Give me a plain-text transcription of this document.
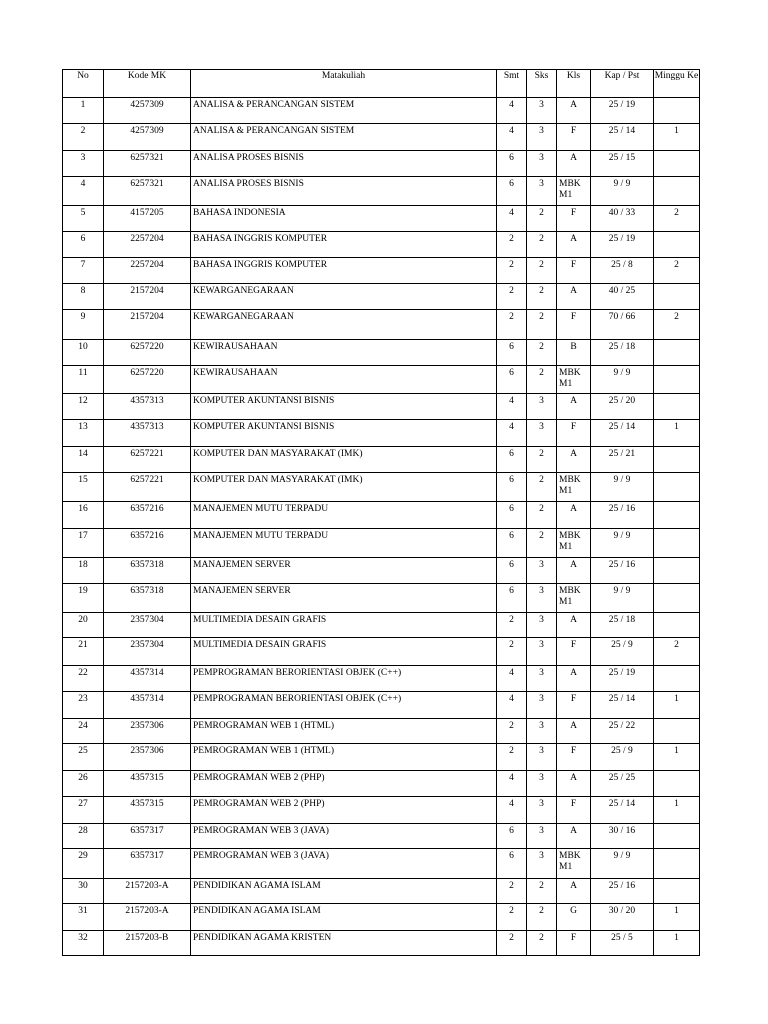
No	Kode MK	Matakuliah	Smt	Sks	Kls	Kap / Pst	Minggu Ke
1	4257309	ANALISA & PERANCANGAN SISTEM	4	3	A	25 / 19	
2	4257309	ANALISA & PERANCANGAN SISTEM	4	3	F	25 / 14	1
3	6257321	ANALISA PROSES BISNIS	6	3	A	25 / 15	
4	6257321	ANALISA PROSES BISNIS	6	3	MBK M1	9 / 9	
5	4157205	BAHASA INDONESIA	4	2	F	40 / 33	2
6	2257204	BAHASA INGGRIS KOMPUTER	2	2	A	25 / 19	
7	2257204	BAHASA INGGRIS KOMPUTER	2	2	F	25 / 8	2
8	2157204	KEWARGANEGARAAN	2	2	A	40 / 25	
9	2157204	KEWARGANEGARAAN	2	2	F	70 / 66	2
10	6257220	KEWIRAUSAHAAN	6	2	B	25 / 18	
11	6257220	KEWIRAUSAHAAN	6	2	MBK M1	9 / 9	
12	4357313	KOMPUTER AKUNTANSI BISNIS	4	3	A	25 / 20	
13	4357313	KOMPUTER AKUNTANSI BISNIS	4	3	F	25 / 14	1
14	6257221	KOMPUTER DAN MASYARAKAT (IMK)	6	2	A	25 / 21	
15	6257221	KOMPUTER DAN MASYARAKAT (IMK)	6	2	MBK M1	9 / 9	
16	6357216	MANAJEMEN MUTU TERPADU	6	2	A	25 / 16	
17	6357216	MANAJEMEN MUTU TERPADU	6	2	MBK M1	9 / 9	
18	6357318	MANAJEMEN SERVER	6	3	A	25 / 16	
19	6357318	MANAJEMEN SERVER	6	3	MBK M1	9 / 9	
20	2357304	MULTIMEDIA DESAIN GRAFIS	2	3	A	25 / 18	
21	2357304	MULTIMEDIA DESAIN GRAFIS	2	3	F	25 / 9	2
22	4357314	PEMPROGRAMAN BERORIENTASI OBJEK (C++)	4	3	A	25 / 19	
23	4357314	PEMPROGRAMAN BERORIENTASI OBJEK (C++)	4	3	F	25 / 14	1
24	2357306	PEMROGRAMAN WEB 1 (HTML)	2	3	A	25 / 22	
25	2357306	PEMROGRAMAN WEB 1 (HTML)	2	3	F	25 / 9	1
26	4357315	PEMROGRAMAN WEB 2 (PHP)	4	3	A	25 / 25	
27	4357315	PEMROGRAMAN WEB 2 (PHP)	4	3	F	25 / 14	1
28	6357317	PEMROGRAMAN WEB 3 (JAVA)	6	3	A	30 / 16	
29	6357317	PEMROGRAMAN WEB 3 (JAVA)	6	3	MBK M1	9 / 9	
30	2157203-A	PENDIDIKAN AGAMA ISLAM	2	2	A	25 / 16	
31	2157203-A	PENDIDIKAN AGAMA ISLAM	2	2	G	30 / 20	1
32	2157203-B	PENDIDIKAN AGAMA KRISTEN	2	2	F	25 / 5	1
